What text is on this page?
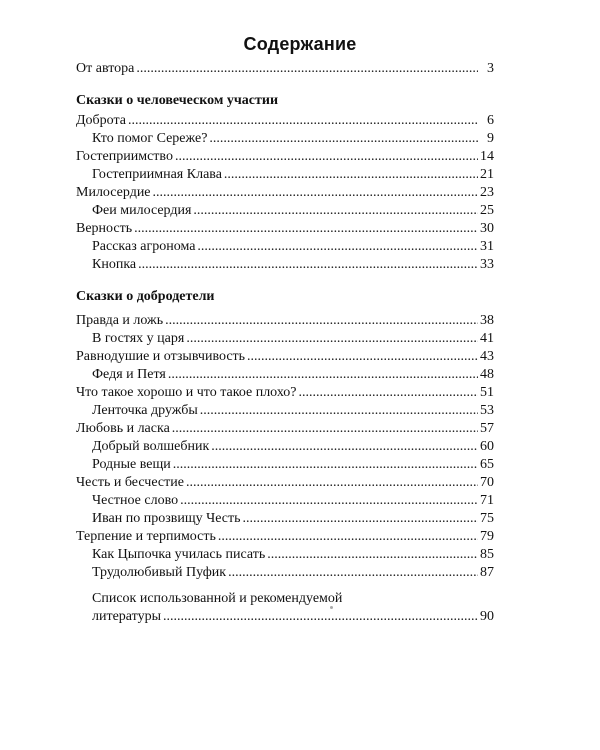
Содержание
От автора .....	3
Сказки о человеческом участии
Доброта .....	6
Кто помог Сереже? .....	9
Гостеприимство .....	14
Гостеприимная Клава .....	21
Милосердие .....	23
Феи милосердия .....	25
Верность .....	30
Рассказ агронома .....	31
Кнопка .....	33
Сказки о добродетели
Правда и ложь .....	38
В гостях у царя .....	41
Равнодушие и отзывчивость .....	43
Федя и Петя .....	48
Что такое хорошо и что такое плохо? .....	51
Ленточка дружбы .....	53
Любовь и ласка .....	57
Добрый волшебник .....	60
Родные вещи .....	65
Честь и бесчестие .....	70
Честное слово .....	71
Иван по прозвищу Честь .....	75
Терпение и терпимость .....	79
Как Цыпочка училась писать .....	85
Трудолюбивый Пуфик .....	87
Список использованной и рекомендуемой
литературы .....	90
